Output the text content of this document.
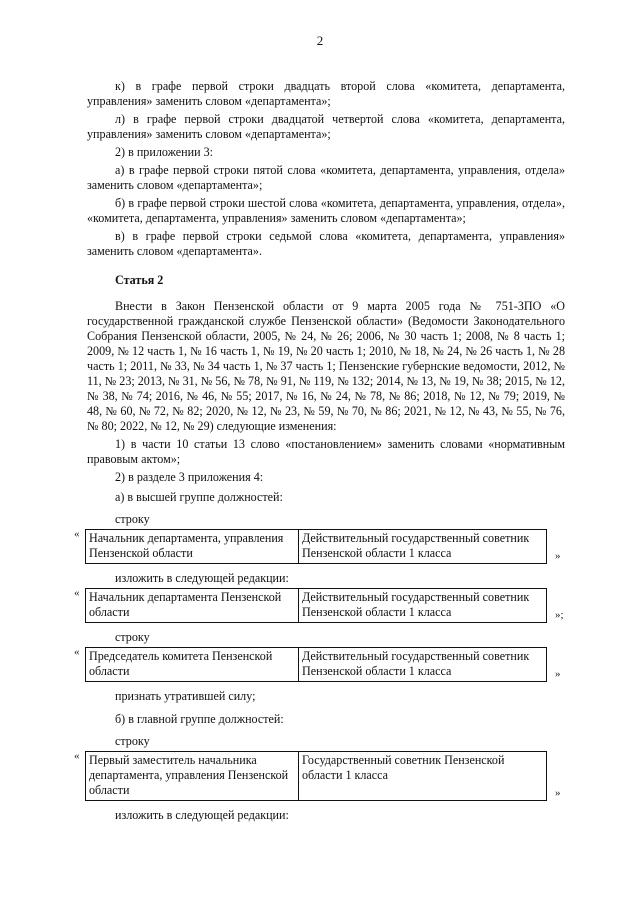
2

к) в графе первой строки двадцать второй слова «комитета, департамента, управления» заменить словом «департамента»;

л) в графе первой строки двадцатой четвертой слова «комитета, департамента, управления» заменить словом «департамента»;

2) в приложении 3:

а) в графе первой строки пятой слова «комитета, департамента, управления, отдела» заменить словом «департамента»;

б) в графе первой строки шестой слова «комитета, департамента, управления, отдела», «комитета, департамента, управления» заменить словом «департамента»;

в) в графе первой строки седьмой слова «комитета, департамента, управления» заменить словом «департамента».

Статья 2

Внести в Закон Пензенской области от 9 марта 2005 года № 751-ЗПО «О государственной гражданской службе Пензенской области» (Ведомости Законодательного Собрания Пензенской области, 2005, № 24, № 26; 2006, № 30 часть 1; 2008, № 8 часть 1; 2009, № 12 часть 1, № 16 часть 1, № 19, № 20 часть 1; 2010, № 18, № 24, № 26 часть 1, № 28 часть 1; 2011, № 33, № 34 часть 1, № 37 часть 1; Пензенские губернские ведомости, 2012, № 11, № 23; 2013, № 31, № 56, № 78, № 91, № 119, № 132; 2014, № 13, № 19, № 38; 2015, № 12, № 38, № 74; 2016, № 46, № 55; 2017, № 16, № 24, № 78, № 86; 2018, № 12, № 79; 2019, № 48, № 60, № 72, № 82; 2020, № 12, № 23, № 59, № 70, № 86; 2021, № 12, № 43, № 55, № 76, № 80; 2022, № 12, № 29) следующие изменения:

1) в части 10 статьи 13 слово «постановлением» заменить словами «нормативным правовым актом»;

2) в разделе 3 приложения 4:

а) в высшей группе должностей:

строку
« Начальник департамента, управления Пензенской области	Действительный государственный советник Пензенской области 1 класса	»
изложить в следующей редакции:
« Начальник департамента Пензенской области	Действительный государственный советник Пензенской области 1 класса	»;
строку
« Председатель комитета Пензенской области	Действительный государственный советник Пензенской области 1 класса	»
признать утратившей силу;

б) в главной группе должностей:

строку
« Первый заместитель начальника департамента, управления Пензенской области	Государственный советник Пензенской области 1 класса
»
изложить в следующей редакции:
